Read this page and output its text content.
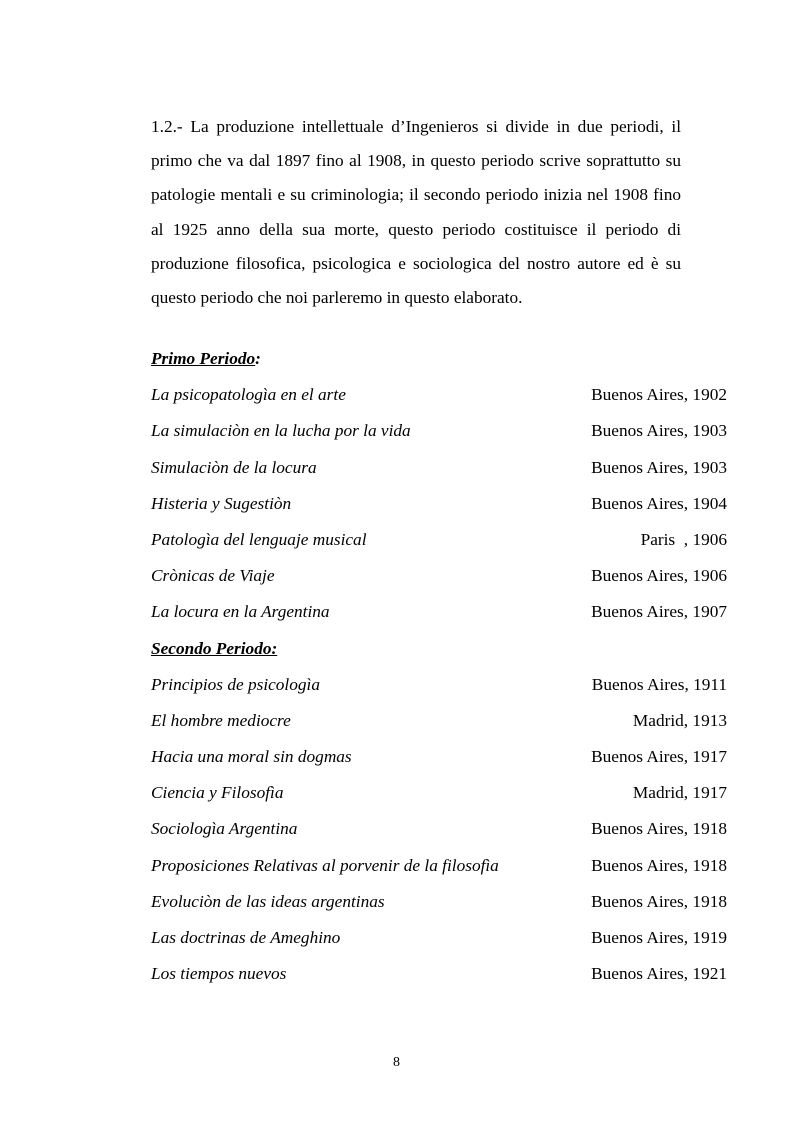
1.2.- La produzione intellettuale d’Ingenieros si divide in due periodi, il primo che va dal 1897 fino al 1908, in questo periodo scrive soprattutto su patologie mentali e su criminologia; il secondo periodo inizia nel 1908 fino al 1925 anno della sua morte, questo periodo costituisce il periodo di produzione filosofica, psicologica e sociologica del nostro autore ed è su questo periodo che noi parleremo in questo elaborato.

Primo Periodo:
La psicopatologìa en el arte	Buenos Aires, 1902
La simulaciòn en la lucha por la vida	Buenos Aires, 1903
Simulaciòn de la locura	Buenos Aires, 1903
Histeria y Sugestiòn	Buenos Aires, 1904
Patologìa del lenguaje musical	Paris  , 1906
Crònicas de Viaje	Buenos Aires, 1906
La locura en la Argentina	Buenos Aires, 1907
Secondo Periodo:
Principios de psicologìa	Buenos Aires, 1911
El hombre mediocre	Madrid, 1913
Hacia una moral sin dogmas	Buenos Aires, 1917
Ciencia y Filosofìa	Madrid, 1917
Sociologìa Argentina	Buenos Aires, 1918
Proposiciones Relativas al porvenir de la filosofìa	Buenos Aires, 1918
Evoluciòn de las ideas argentinas	Buenos Aires, 1918
Las doctrinas de Ameghino	Buenos Aires, 1919
Los tiempos nuevos	Buenos Aires, 1921
8
